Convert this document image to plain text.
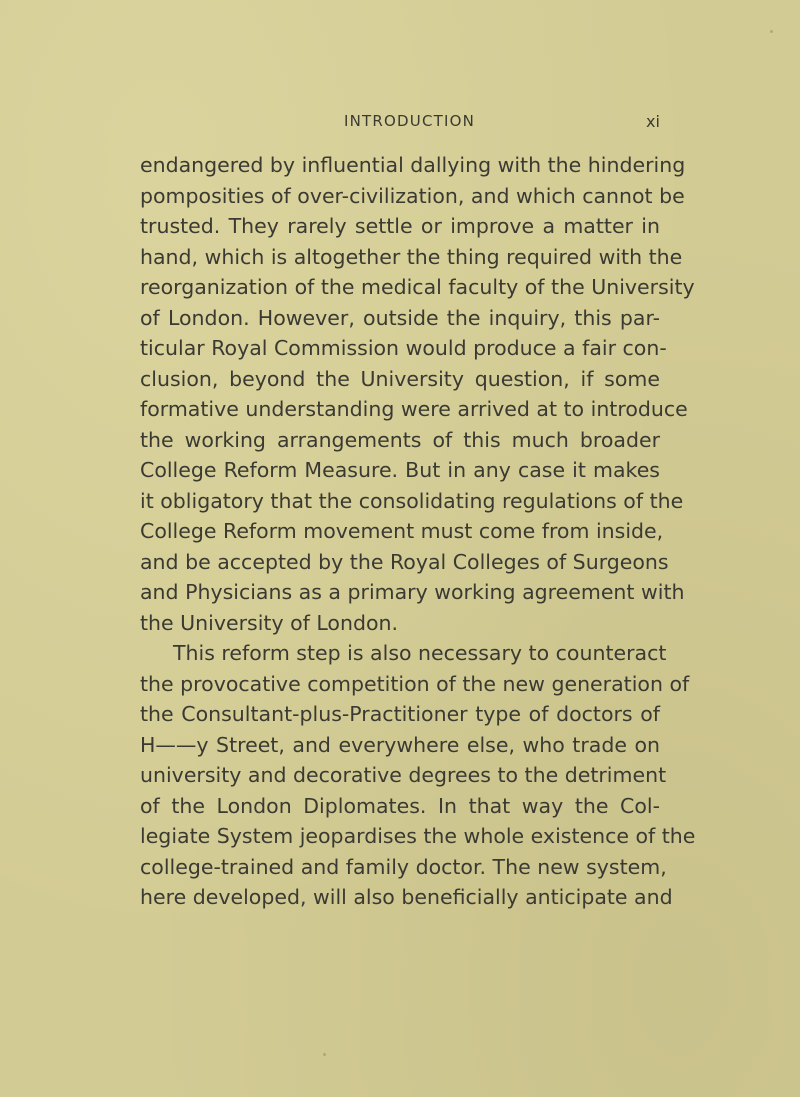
INTRODUCTION	xi
endangered by influential dallying with the hindering
pomposities of over-civilization, and which cannot be
trusted. They rarely settle or improve a matter in
hand, which is altogether the thing required with the
reorganization of the medical faculty of the University
of London. However, outside the inquiry, this par-
ticular Royal Commission would produce a fair con-
clusion, beyond the University question, if some
formative understanding were arrived at to introduce
the working arrangements of this much broader
College Reform Measure. But in any case it makes
it obligatory that the consolidating regulations of the
College Reform movement must come from inside,
and be accepted by the Royal Colleges of Surgeons
and Physicians as a primary working agreement with
the University of London.
This reform step is also necessary to counteract
the provocative competition of the new generation of
the Consultant-plus-Practitioner type of doctors of
H——y Street, and everywhere else, who trade on
university and decorative degrees to the detriment
of the London Diplomates. In that way the Col-
legiate System jeopardises the whole existence of the
college-trained and family doctor. The new system,
here developed, will also beneficially anticipate and
